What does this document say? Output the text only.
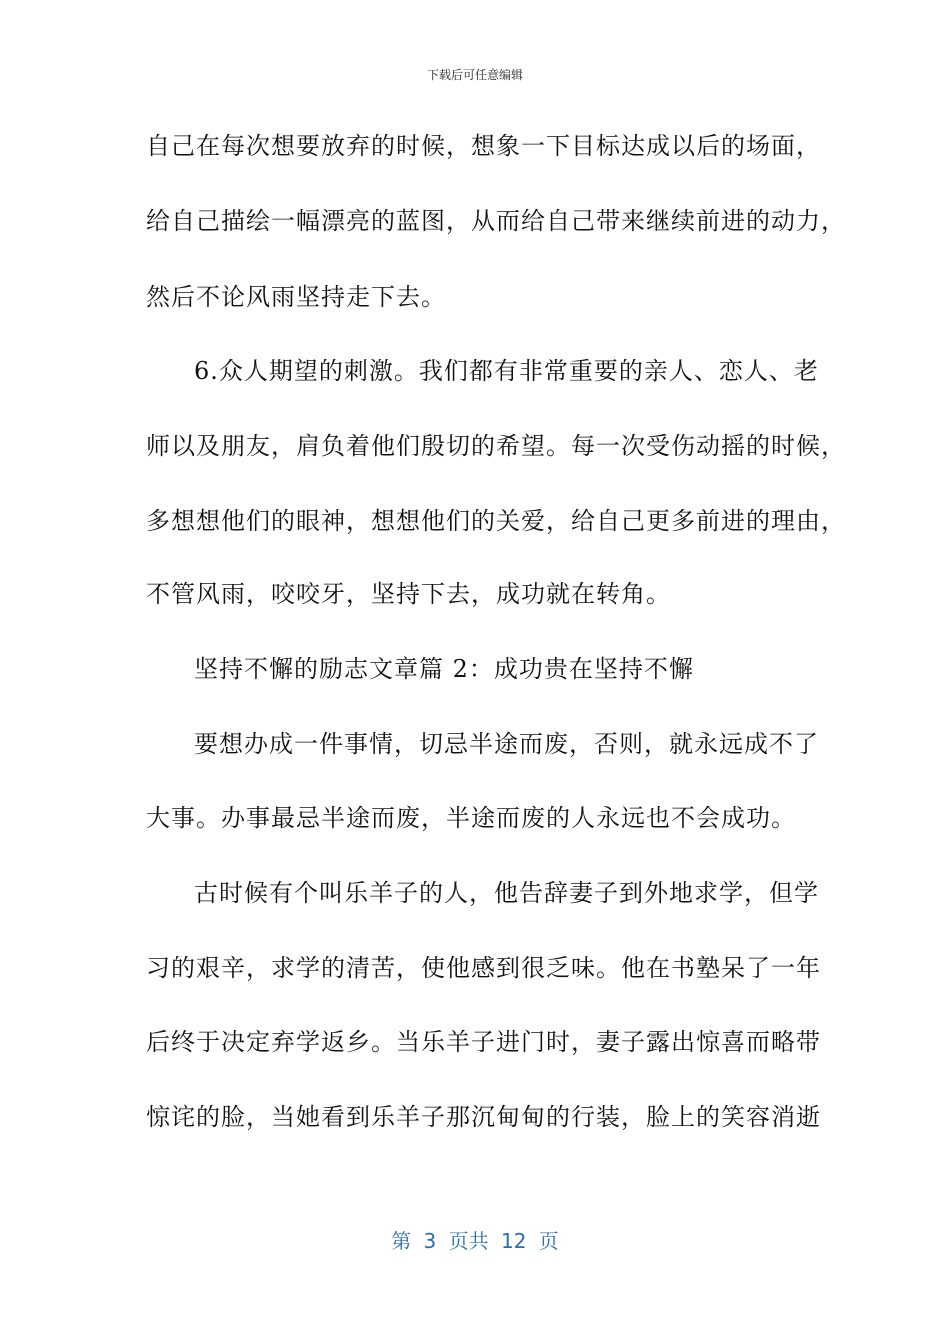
下载后可任意编辑
自己在每次想要放弃的时候，想象一下目标达成以后的场面，
给自己描绘一幅漂亮的蓝图，从而给自己带来继续前进的动力，
然后不论风雨坚持走下去。
6.众人期望的刺激。我们都有非常重要的亲人、恋人、老
师以及朋友，肩负着他们殷切的希望。每一次受伤动摇的时候，
多想想他们的眼神，想想他们的关爱，给自己更多前进的理由，
不管风雨，咬咬牙，坚持下去，成功就在转角。
坚持不懈的励志文章篇 2：成功贵在坚持不懈
要想办成一件事情，切忌半途而废，否则，就永远成不了
大事。办事最忌半途而废，半途而废的人永远也不会成功。
古时候有个叫乐羊子的人，他告辞妻子到外地求学，但学
习的艰辛，求学的清苦，使他感到很乏味。他在书塾呆了一年
后终于决定弃学返乡。当乐羊子进门时，妻子露出惊喜而略带
惊诧的脸，当她看到乐羊子那沉甸甸的行装，脸上的笑容消逝
第 3 页共 12 页
